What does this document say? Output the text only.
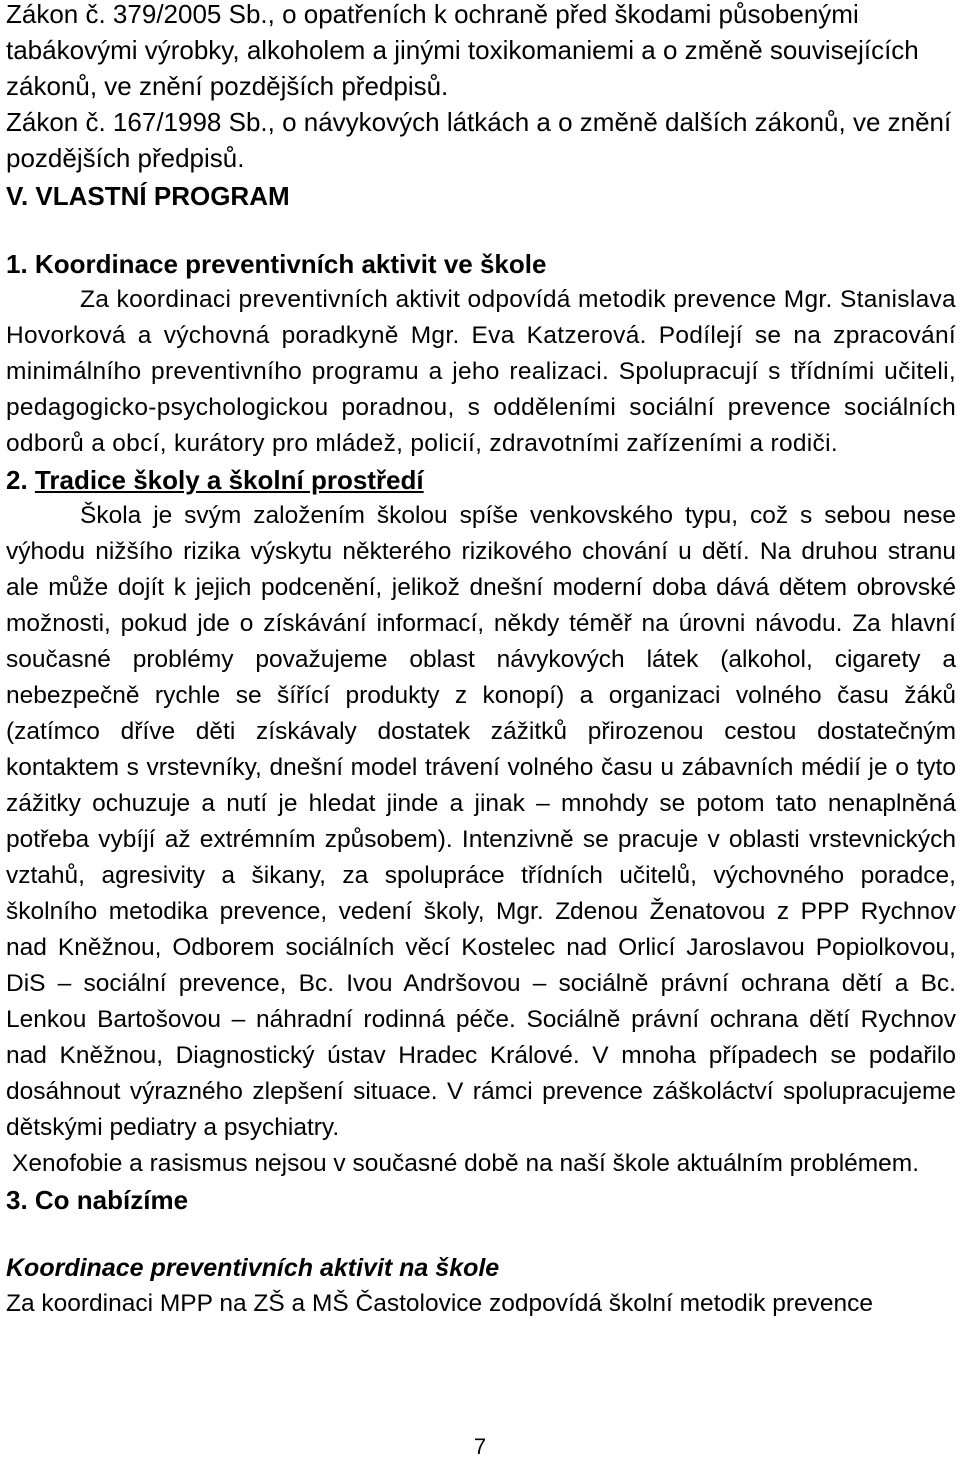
Zákon č. 379/2005 Sb., o opatřeních k ochraně před škodami působenými tabákovými výrobky, alkoholem a jinými toxikomaniemi a o změně souvisejících zákonů, ve znění pozdějších předpisů.

Zákon č. 167/1998 Sb., o návykových látkách a o změně dalších zákonů, ve znění pozdějších předpisů.

V. VLASTNÍ PROGRAM
1. Koordinace preventivních aktivit ve škole

Za koordinaci preventivních aktivit odpovídá metodik prevence Mgr. Stanislava Hovorková a výchovná poradkyně Mgr. Eva Katzerová. Podílejí se na zpracování minimálního preventivního programu a jeho realizaci. Spolupracují s třídními učiteli, pedagogicko-psychologickou poradnou, s odděleními sociální prevence sociálních odborů a obcí, kurátory pro mládež, policií, zdravotními zařízeními a rodiči.

2. Tradice školy a školní prostředí

Škola je svým založením školou spíše venkovského typu, což s sebou nese výhodu nižšího rizika výskytu některého rizikového chování u dětí. Na druhou stranu ale může dojít k jejich podcenění, jelikož dnešní moderní doba dává dětem obrovské možnosti, pokud jde o získávání informací, někdy téměř na úrovni návodu. Za hlavní současné problémy považujeme oblast návykových látek (alkohol, cigarety a nebezpečně rychle se šířící produkty z konopí) a organizaci volného času žáků (zatímco dříve děti získávaly dostatek zážitků přirozenou cestou dostatečným kontaktem s vrstevníky, dnešní model trávení volného času u zábavních médií je o tyto zážitky ochuzuje a nutí je hledat jinde a jinak – mnohdy se potom tato nenaplněná potřeba vybíjí až extrémním způsobem). Intenzivně se pracuje v oblasti vrstevnických vztahů, agresivity a šikany, za spolupráce třídních učitelů, výchovného poradce, školního metodika prevence, vedení školy, Mgr. Zdenou Ženatovou z PPP Rychnov nad Kněžnou, Odborem sociálních věcí Kostelec nad Orlicí Jaroslavou Popiolkovou, DiS – sociální prevence, Bc. Ivou Andršovou – sociálně právní ochrana dětí a Bc. Lenkou Bartošovou – náhradní rodinná péče. Sociálně právní ochrana dětí Rychnov nad Kněžnou, Diagnostický ústav Hradec Králové. V mnoha případech se podařilo dosáhnout výrazného zlepšení situace. V rámci prevence záškoláctví spolupracujeme dětskými pediatry a psychiatry.

Xenofobie a rasismus nejsou v současné době na naší škole aktuálním problémem.

3. Co nabízíme
Koordinace preventivních aktivit na škole

Za koordinaci MPP na ZŠ a MŠ Častolovice zodpovídá školní metodik prevence

7
